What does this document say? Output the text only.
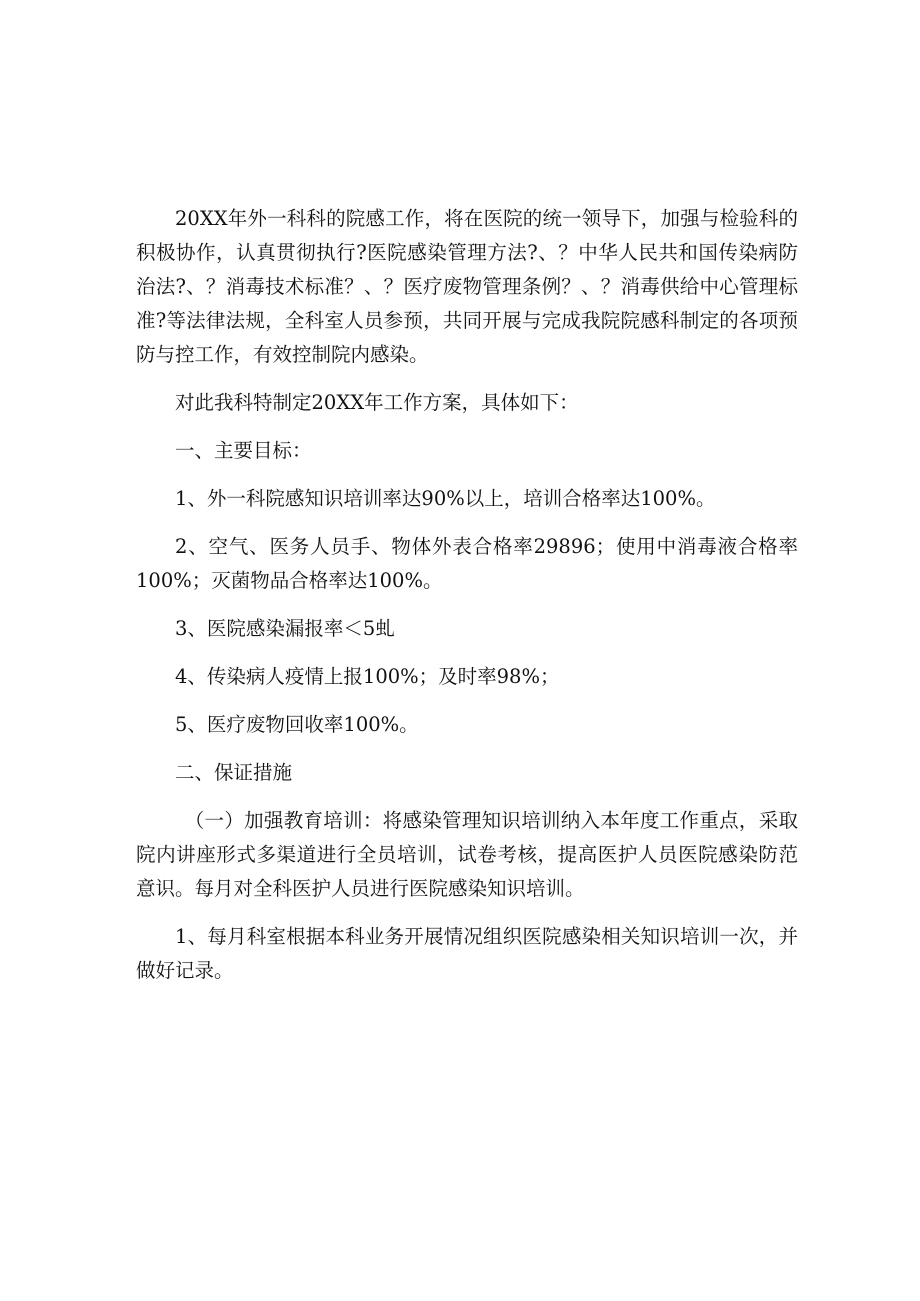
20XX年外一科科的院感工作，将在医院的统一领导下，加强与检验科的积极协作，认真贯彻执行?医院感染管理方法?、？中华人民共和国传染病防治法?、？消毒技术标准？、？医疗废物管理条例？、？消毒供给中心管理标准?等法律法规，全科室人员参预，共同开展与完成我院院感科制定的各项预防与控工作，有效控制院内感染。

对此我科特制定20XX年工作方案，具体如下：

一、主要目标：

1、外一科院感知识培训率达90%以上，培训合格率达100%。

2、空气、医务人员手、物体外表合格率29896；使用中消毒液合格率100%；灭菌物品合格率达100%。

3、医院感染漏报率＜5虬

4、传染病人疫情上报100%；及时率98%；

5、医疗废物回收率100%。

二、保证措施

（一）加强教育培训：将感染管理知识培训纳入本年度工作重点，采取院内讲座形式多渠道进行全员培训，试卷考核，提高医护人员医院感染防范意识。每月对全科医护人员进行医院感染知识培训。

1、每月科室根据本科业务开展情况组织医院感染相关知识培训一次，并做好记录。
